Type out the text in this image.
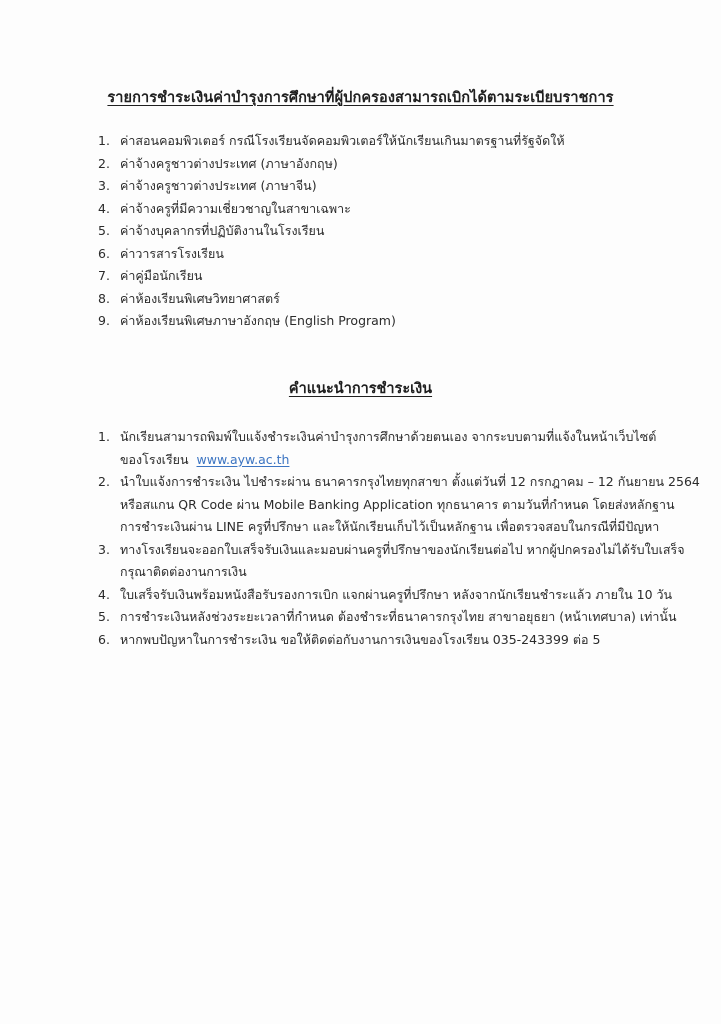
รายการชำระเงินค่าบำรุงการศึกษาที่ผู้ปกครองสามารถเบิกได้ตามระเบียบราชการ
1. ค่าสอนคอมพิวเตอร์ กรณีโรงเรียนจัดคอมพิวเตอร์ให้นักเรียนเกินมาตรฐานที่รัฐจัดให้
2. ค่าจ้างครูชาวต่างประเทศ (ภาษาอังกฤษ)
3. ค่าจ้างครูชาวต่างประเทศ (ภาษาจีน)
4. ค่าจ้างครูที่มีความเชี่ยวชาญในสาขาเฉพาะ
5. ค่าจ้างบุคลากรที่ปฏิบัติงานในโรงเรียน
6. ค่าวารสารโรงเรียน
7. ค่าคู่มือนักเรียน
8. ค่าห้องเรียนพิเศษวิทยาศาสตร์
9. ค่าห้องเรียนพิเศษภาษาอังกฤษ (English Program)
คำแนะนำการชำระเงิน
1. นักเรียนสามารถพิมพ์ใบแจ้งชำระเงินค่าบำรุงการศึกษาด้วยตนเอง จากระบบตามที่แจ้งในหน้าเว็บไซต์
ของโรงเรียน www.ayw.ac.th
2. นำใบแจ้งการชำระเงิน ไปชำระผ่าน ธนาคารกรุงไทยทุกสาขา ตั้งแต่วันที่ 12 กรกฎาคม – 12 กันยายน 2564
หรือสแกน QR Code ผ่าน Mobile Banking Application ทุกธนาคาร ตามวันที่กำหนด โดยส่งหลักฐาน
การชำระเงินผ่าน LINE ครูที่ปรึกษา และให้นักเรียนเก็บไว้เป็นหลักฐาน เพื่อตรวจสอบในกรณีที่มีปัญหา
3. ทางโรงเรียนจะออกใบเสร็จรับเงินและมอบผ่านครูที่ปรึกษาของนักเรียนต่อไป หากผู้ปกครองไม่ได้รับใบเสร็จ
กรุณาติดต่องานการเงิน
4. ใบเสร็จรับเงินพร้อมหนังสือรับรองการเบิก แจกผ่านครูที่ปรึกษา หลังจากนักเรียนชำระแล้ว ภายใน 10 วัน
5. การชำระเงินหลังช่วงระยะเวลาที่กำหนด ต้องชำระที่ธนาคารกรุงไทย สาขาอยุธยา (หน้าเทศบาล) เท่านั้น
6. หากพบปัญหาในการชำระเงิน ขอให้ติดต่อกับงานการเงินของโรงเรียน 035-243399 ต่อ 5
